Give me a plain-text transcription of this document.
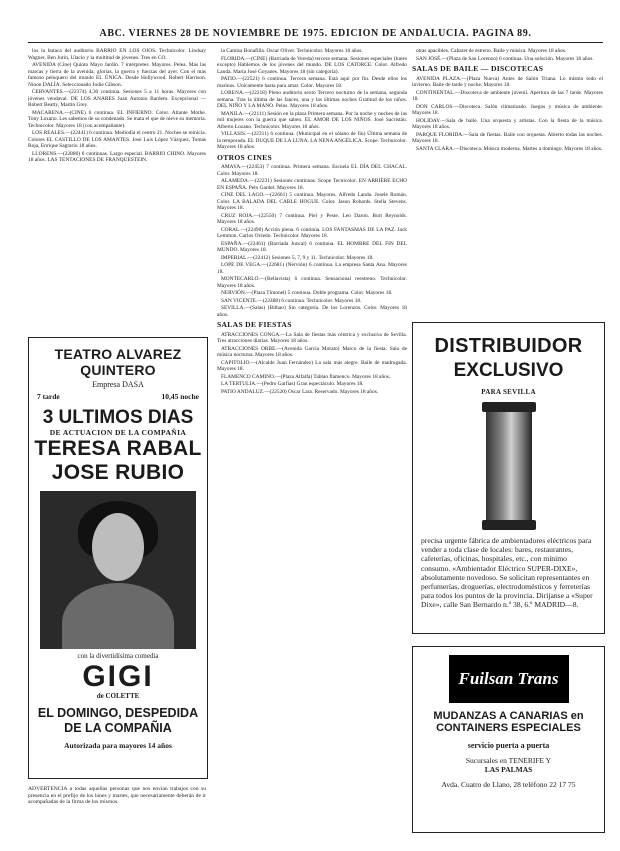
ABC. VIERNES 28 DE NOVIEMBRE DE 1975. EDICION DE ANDALUCIA. PAGINA 89.

los la butaca del auditorio BARRIO EN LOS OJOS. Technicolor. Lindsay Wagner, Ben Jurin, Ulacio y la multitud de jóvenes. Tres en CO.

AVENIDA (Cine) Quinto Mayo Jardín. 7 intérpretes. Mayores. Pelea. Mas las marcas y tierra de la avenida, glorias, la guerra y fuerzas del ayer. Con el más famoso peluquero del mundo EL ÚNICA. Desde Hollywood. Robert Harrison. Ninon DALÍA. Seleccionado Jodie Gibson.

CERVANTES.—(22374) 4,30 continúa. Sesiones 5 a 11 horas. Mayores con jóvenes vendaval. DE LOS ANARES Juan Antonio Bardem. Excepcional —Robert Beatty, Martin Grey.

MACARENA.—(CINE) 6 continua. EL INFIERNO. Color. Atlante Mothe. Tony Lozano. Les sabemos de su condenado. Se mata el que de nieve su memoria. Technicolor. Mayores 18 (con acompañante).

LOS REALES.—(22441) 6 continua. Mediodía el centro 21. Noches se reinicia. Colores EL CASTILLO DE LOS AMANTES. José Luis López Vázquez, Tomás Roja, Enrique Sagrario 18 años.

LLORENS.—(22880) 6 continuas. Largo especial. BARRIO CHINO. Mayores 18 años. LAS TENTACIONES DE FRANQUESTEIN.

TEATRO ALVAREZ QUINTERO
Empresa DASA
7 tarde	10,45 noche
3 ULTIMOS DIAS
DE ACTUACION DE LA COMPAÑIA
TERESA RABAL
JOSE RUBIO
con la divertidísima comedia
GIGI
de COLETTE
EL DOMINGO, DESPEDIDA DE LA COMPAÑIA
Autorizada para mayores 14 años
ADVERTENCIA a todas aquellas personas que nos envían trabajos con su presencia en el prefijo de los lunes y martes, que necesariamente deberán de ir acompañadas de la firma de los mismos.

la Camisa Bonafilla. Oscar Oliver. Technicolor. Mayores 18 años.

FLORIDA.—(CINE) (Barriada de Vereda) tercera semana. Sesiones especiales (lunes excepto) Hablemos de los jóvenes del mundo. DE LOS CATORCE. Color. Alfredo Landa. María José Goyanes. Mayores 18 (sin categoría).

PATIO.—(22521) 6 continua. Tercera semana. Está aquí por fin. Desde ellos los marinos. Unicamente hasta para amar. Color. Mayores 18.

LORENA.—(22218) Pleno auditorio sexto Tercero nocturno de la semana, segunda semana. Tras la última de las fauces, una y las últimas noches Gratitud de los niños. DEL NIÑO Y LA MANO. Pelos. Mayores 18 años.

MANILA.—(22111) Sesión en la plaza Primera semana. Por la noche y noches de las mil mujeres con la guerra que saben. EL AMOR DE LOS NIÑOS. José Sacristán. Alberto Lozano. Technicolor. Mayores 18 años.

VILLASIS.—(22311) 6 continua. (Municipal en el sótano de fin) Última semana de la temporada. EL DUQUE DE LA LUNA. LA NENA ANGÉLICA. Scope. Technicolor. Mayores 18 años.

OTROS CINES

AMAYA.—(22453) 7 continua. Primera semana. Escuela EL DÍA DEL CHACAL. Color. Mayores 18.

ALAMEDA.—(22231) Sesiones continuas. Scope Tecnicolor. EN ARRIÈRE ECHO EN ESPAÑA. Pelo Gardel. Mayores 18.

CINE DEL LAGO.—(22661) 5 continua. Mayores. Alfredo Landa. Josele Román. Color. LA BALADA DEL CABLE HOGUE. Color. Jason Robards. Stella Stevens. Mayores 18.

CRUZ ROJA.—(22550) 7 continua. Piel y Peste. Leo Daron. Burt Reynolds. Mayores 18 años.

CORAL.—(22490) Acción plena. 6 continúa. LOS FANTASMAS DE LA PAZ. Jack Lemmon. Carlos Oviedo. Technicolor. Mayores 18.

ESPAÑA.—(22461) (Barriada Juncal) 6 continua. EL HOMBRE DEL FIN DEL MUNDO. Mayores 18.

IMPERIAL.—(22412) Sesiones 5, 7, 9 y 11. Technicolor. Mayores 18.

LOPE DE VEGA.—(22681) (Nervión) 6 continua. La empresa Santa Ana. Mayores 18.

MONTECARLO.—(Bellavista) 6 continua. Sensacional reestreno. Technicolor. Mayores 18 años.

NERVIÓN.—(Plaza Tímonel) 5 continua. Doble programa. Color. Mayores 18.

SAN VICENTE.—(22488) 6 continua. Technicolor. Mayores 18.

SEVILLA.—(Salas) (Bilbao) Sin categoría. De los Lorenzos. Color. Mayores 18 años.

SALAS DE FIESTAS

ATRACCIONES CONGA.—La Sala de fiestas más céntrica y exclusiva de Sevilla. Tres atracciones diarias. Mayores 18 años.

ATRACCIONES ORBE.—(Avenida García Morato) Marco de la fiesta. Sala de música nocturna. Mayores 18 años.

CAPITOLIO.—(Alcalde Juan Fernández) La sala más alegre. Baile de madrugada. Mayores 18.

FLAMENCO CAMINO.—(Plaza Alfalfa) Tablao flamenco. Mayores 18 años.

LA TERTULIA.—(Pedro Garfias) Gran espectáculo. Mayores 18.

PATIO ANDALUZ.—(22520) Oscar Lara. Reservado. Mayores 18 años.

otras apacibles. Cabaret de estreno. Baile y música. Mayores 18 años.

SAN JOSÉ.—(Plaza de San Lorenzo) 6 continua. Una solución. Mayores 18 años.

SALAS DE BAILE — DISCOTECAS

AVENIDA PLAZA.—(Plaza Nueva) Antes de Salón Triana. Lo mismo todo el invierno. Baile de tarde y noche. Mayores 18.

CONTINENTAL.—Discoteca de ambiente juvenil. Apertura de las 7 tarde. Mayores 18.

DON CARLOS.—Discoteca. Salón climatizado. Juegos y música de ambiente. Mayores 18.

HOLIDAY.—Sala de baile. Una orquesta y artistas. Con la fiesta de la música. Mayores 18 años.

PARQUE FLORIDA.—Sala de fiestas. Baile con orquesta. Abierto todas las noches. Mayores 18.

SANTA CLARA.—Discoteca. Música moderna. Martes a domingo. Mayores 18 años.

DISTRIBUIDOR
EXCLUSIVO
PARA SEVILLA
precisa urgente fábrica de ambientadores eléctricos para vender a toda clase de locales: bares, restaurantes, cafeterías, oficinas, hospitales, etc., con mínimo consumo. «Ambientador Eléctrico SUPER-DIXE», absolutamente novedoso. Se solicitan representantes en perfumerías, droguerías, electrodomésticos y ferreterías para todos los puntos de la provincia. Diríjanse a «Super Dixe», calle San Bernardo n.º 38, 6.º MADRID—8.
Fuilsan Trans
MUDANZAS A CANARIAS en
CONTAINERS ESPECIALES
servicio puerta a puerta
Sucursales en TENERIFE Y
LAS PALMAS
Avda. Cuatro de Llano, 28 teléfono 22 17 75
